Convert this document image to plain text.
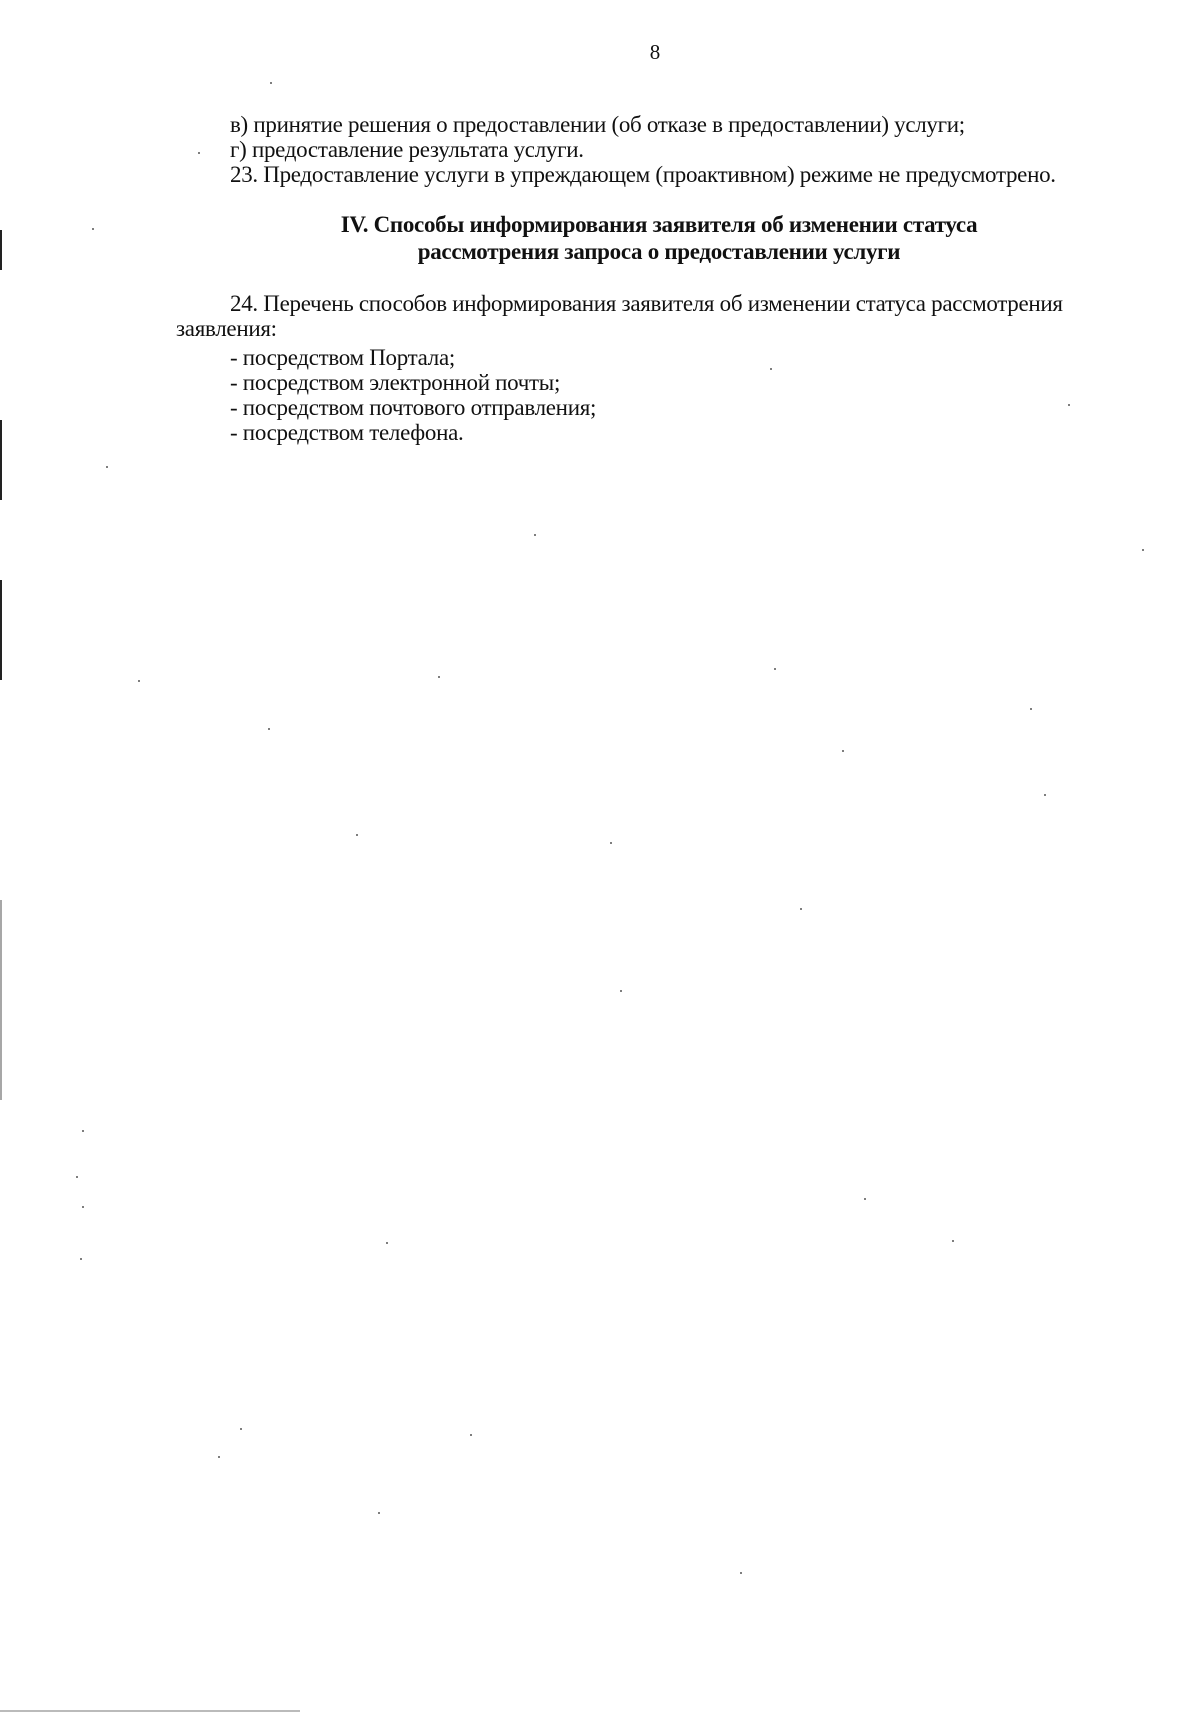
8

в) принятие решения о предоставлении (об отказе в предоставлении) услуги;

г) предоставление результата услуги.

23. Предоставление услуги в упреждающем (проактивном) режиме не предусмотрено.

IV. Способы информирования заявителя об изменении статуса
рассмотрения запроса о предоставлении услуги

24. Перечень способов информирования заявителя об изменении статуса рассмотрения заявления:

- посредством Портала;
- посредством электронной почты;
- посредством почтового отправления;
- посредством телефона.
